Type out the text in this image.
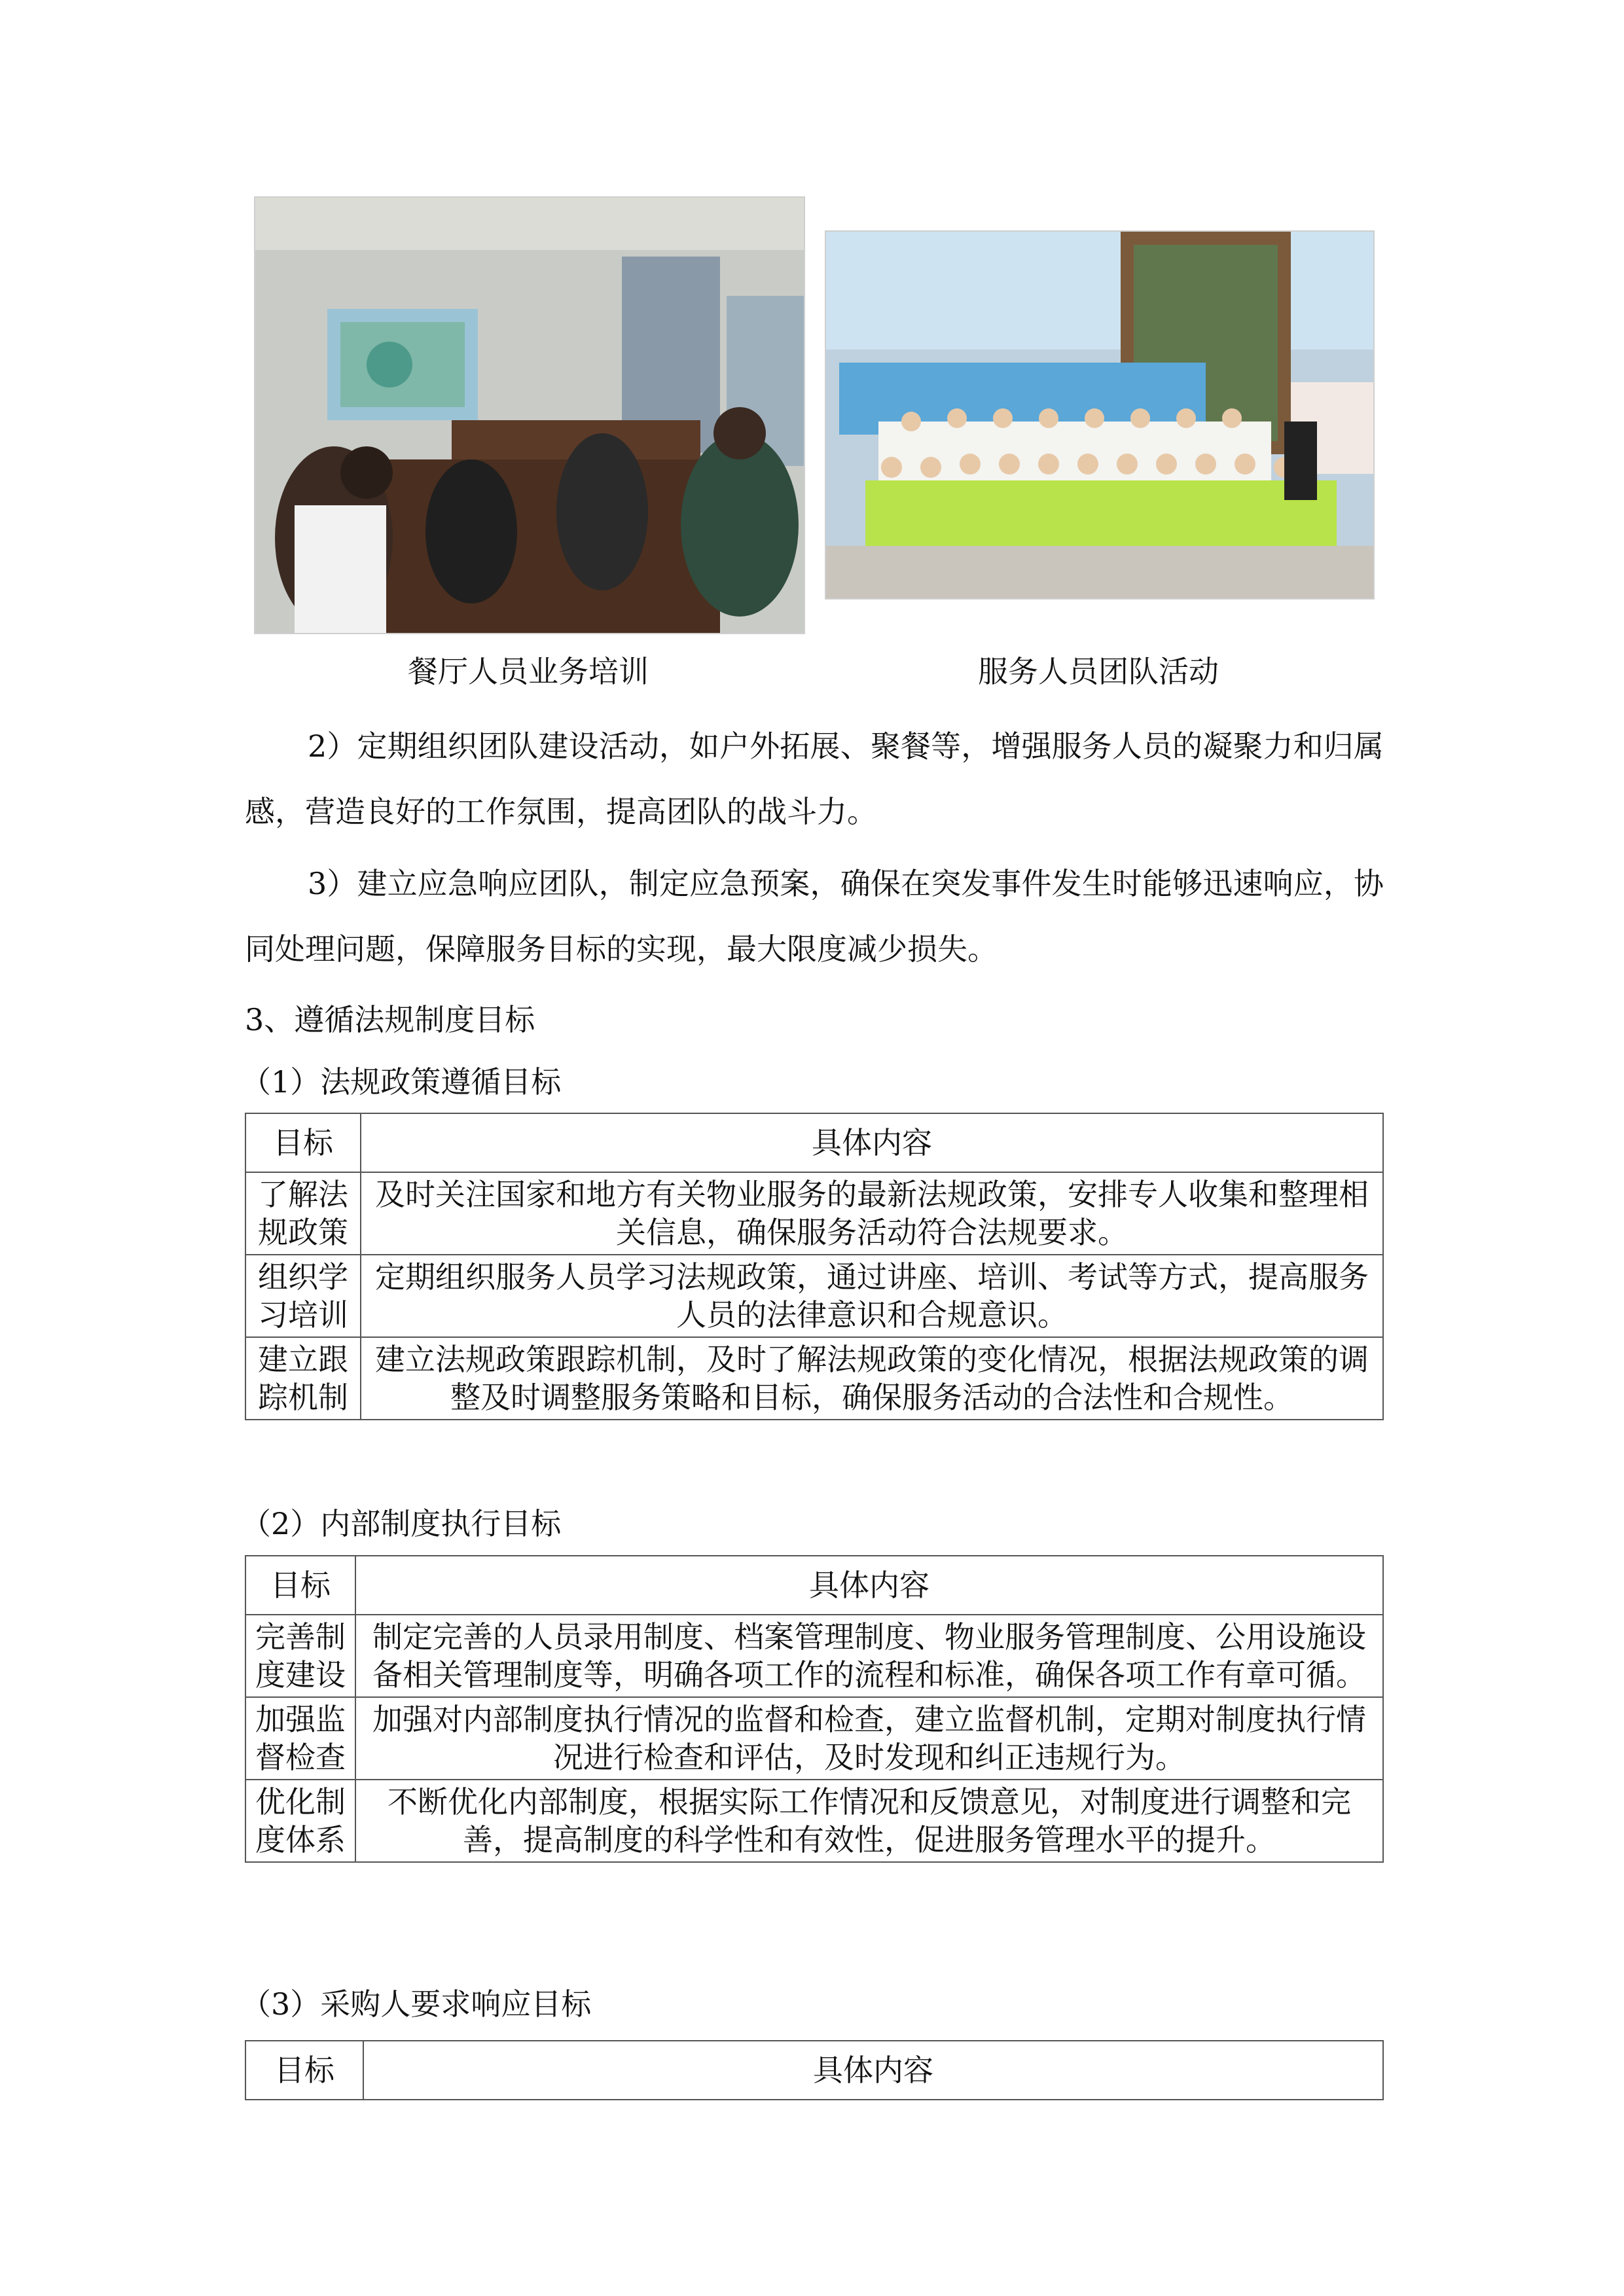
餐厅人员业务培训	服务人员团队活动

2）定期组织团队建设活动，如户外拓展、聚餐等，增强服务人员的凝聚力和归属感，营造良好的工作氛围，提高团队的战斗力。

3）建立应急响应团队，制定应急预案，确保在突发事件发生时能够迅速响应，协同处理问题，保障服务目标的实现，最大限度减少损失。

3、遵循法规制度目标
（1）法规政策遵循目标
目标	具体内容
了解法规政策	及时关注国家和地方有关物业服务的最新法规政策，安排专人收集和整理相关信息，确保服务活动符合法规要求。
组织学习培训	定期组织服务人员学习法规政策，通过讲座、培训、考试等方式，提高服务人员的法律意识和合规意识。
建立跟踪机制	建立法规政策跟踪机制，及时了解法规政策的变化情况，根据法规政策的调整及时调整服务策略和目标，确保服务活动的合法性和合规性。
（2）内部制度执行目标
目标	具体内容
完善制度建设	制定完善的人员录用制度、档案管理制度、物业服务管理制度、公用设施设备相关管理制度等，明确各项工作的流程和标准，确保各项工作有章可循。
加强监督检查	加强对内部制度执行情况的监督和检查，建立监督机制，定期对制度执行情况进行检查和评估，及时发现和纠正违规行为。
优化制度体系	不断优化内部制度，根据实际工作情况和反馈意见，对制度进行调整和完善，提高制度的科学性和有效性，促进服务管理水平的提升。
（3）采购人要求响应目标
目标	具体内容
